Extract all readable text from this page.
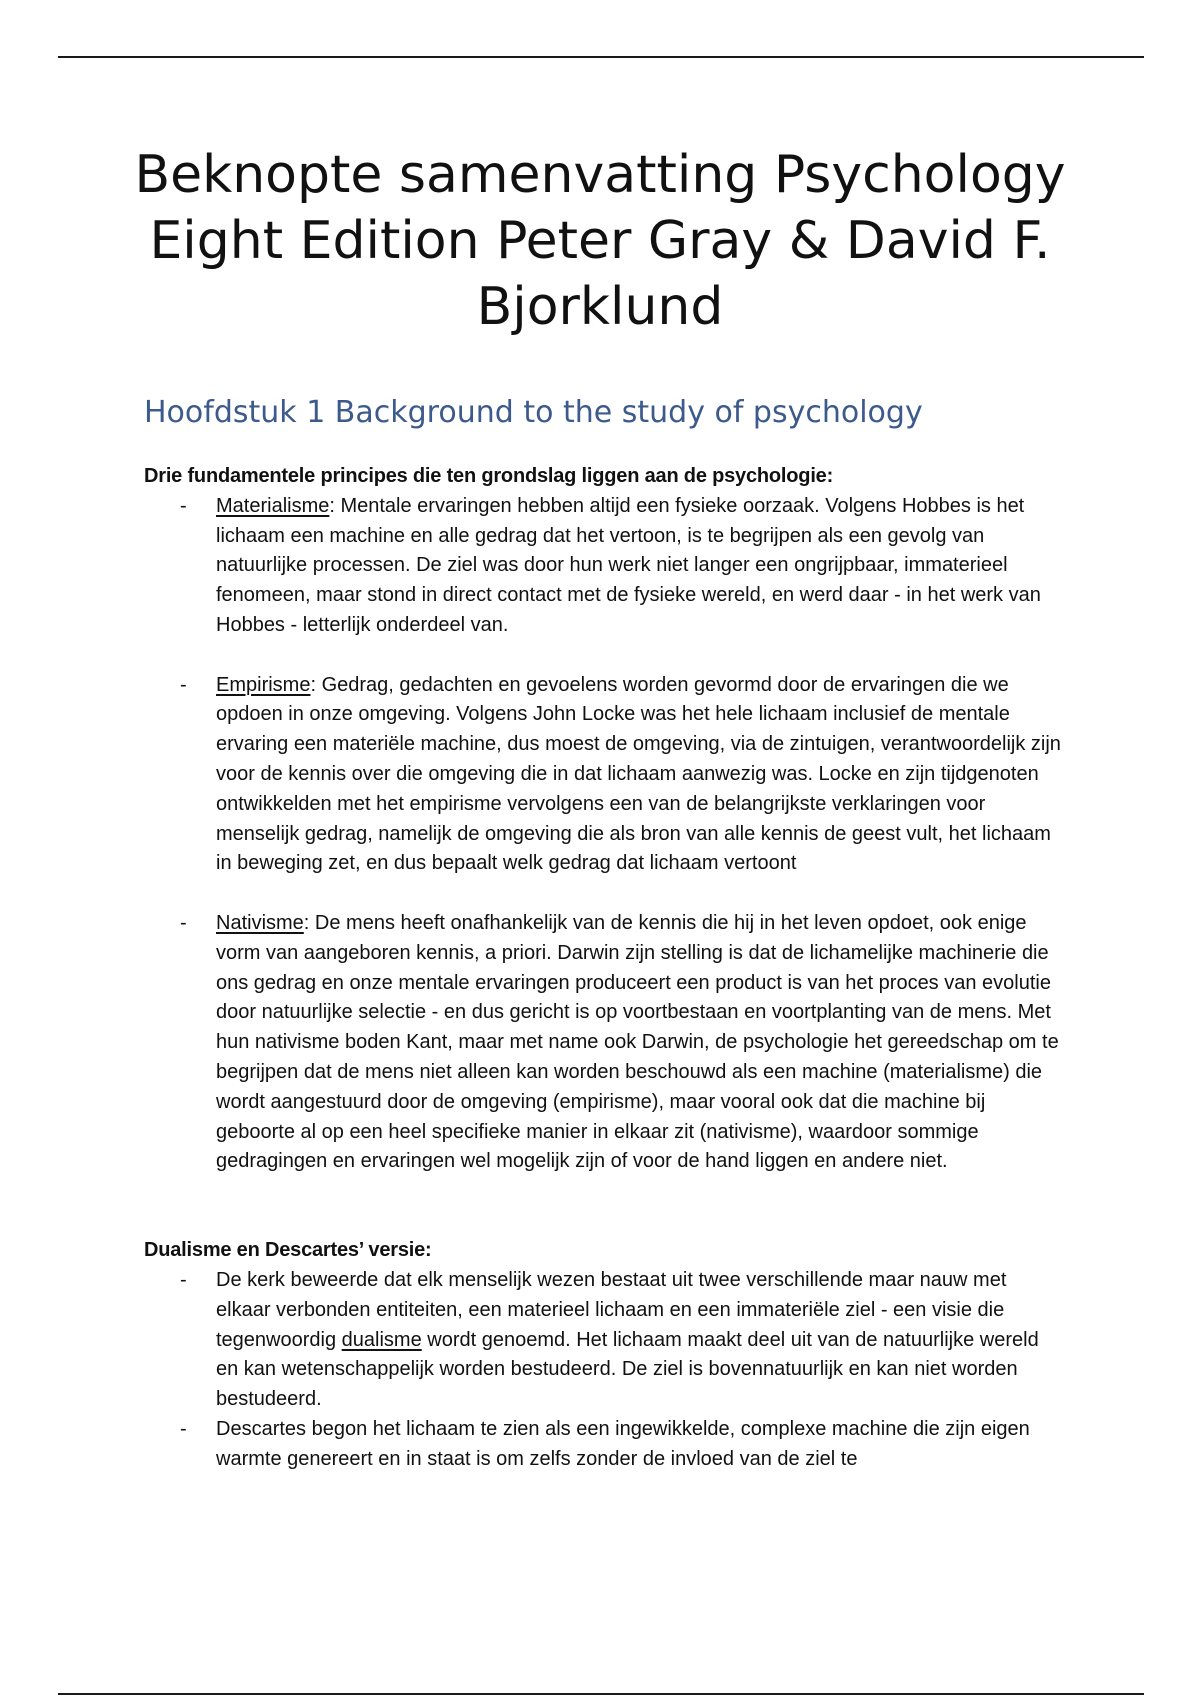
Beknopte samenvatting Psychology Eight Edition Peter Gray & David F. Bjorklund
Hoofdstuk 1 Background to the study of psychology

Drie fundamentele principes die ten grondslag liggen aan de psychologie:

- Materialisme: Mentale ervaringen hebben altijd een fysieke oorzaak. Volgens Hobbes is het lichaam een machine en alle gedrag dat het vertoon, is te begrijpen als een gevolg van natuurlijke processen. De ziel was door hun werk niet langer een ongrijpbaar, immaterieel fenomeen, maar stond in direct contact met de fysieke wereld, en werd daar - in het werk van Hobbes - letterlijk onderdeel van.
- Empirisme: Gedrag, gedachten en gevoelens worden gevormd door de ervaringen die we opdoen in onze omgeving. Volgens John Locke was het hele lichaam inclusief de mentale ervaring een materiële machine, dus moest de omgeving, via de zintuigen, verantwoordelijk zijn voor de kennis over die omgeving die in dat lichaam aanwezig was. Locke en zijn tijdgenoten ontwikkelden met het empirisme vervolgens een van de belangrijkste verklaringen voor menselijk gedrag, namelijk de omgeving die als bron van alle kennis de geest vult, het lichaam in beweging zet, en dus bepaalt welk gedrag dat lichaam vertoont
- Nativisme: De mens heeft onafhankelijk van de kennis die hij in het leven opdoet, ook enige vorm van aangeboren kennis, a priori. Darwin zijn stelling is dat de lichamelijke machinerie die ons gedrag en onze mentale ervaringen produceert een product is van het proces van evolutie door natuurlijke selectie - en dus gericht is op voortbestaan en voortplanting van de mens. Met hun nativisme boden Kant, maar met name ook Darwin, de psychologie het gereedschap om te begrijpen dat de mens niet alleen kan worden beschouwd als een machine (materialisme) die wordt aangestuurd door de omgeving (empirisme), maar vooral ook dat die machine bij geboorte al op een heel specifieke manier in elkaar zit (nativisme), waardoor sommige gedragingen en ervaringen wel mogelijk zijn of voor de hand liggen en andere niet.

Dualisme en Descartes’ versie:

- De kerk beweerde dat elk menselijk wezen bestaat uit twee verschillende maar nauw met elkaar verbonden entiteiten, een materieel lichaam en een immateriële ziel - een visie die tegenwoordig dualisme wordt genoemd. Het lichaam maakt deel uit van de natuurlijke wereld en kan wetenschappelijk worden bestudeerd. De ziel is bovennatuurlijk en kan niet worden bestudeerd.
- Descartes begon het lichaam te zien als een ingewikkelde, complexe machine die zijn eigen warmte genereert en in staat is om zelfs zonder de invloed van de ziel te
